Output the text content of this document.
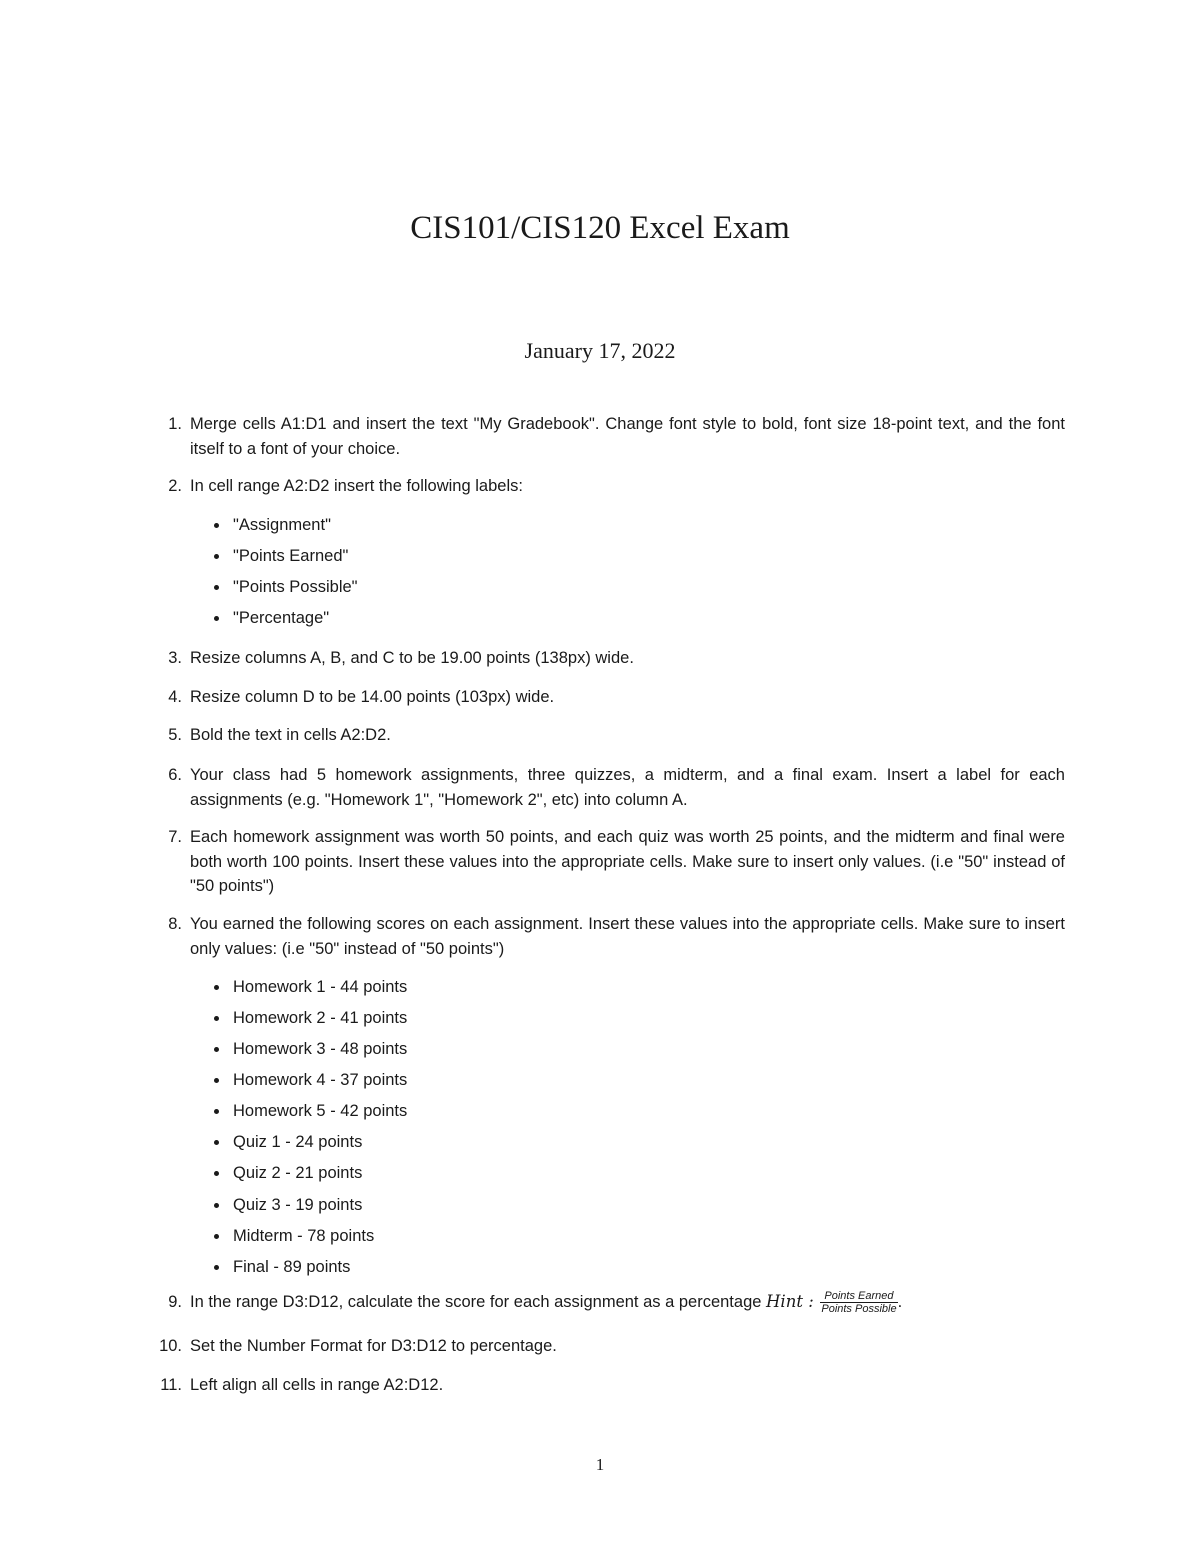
CIS101/CIS120 Excel Exam
January 17, 2022
1. Merge cells A1:D1 and insert the text "My Gradebook". Change font style to bold, font size 18-point text, and the font itself to a font of your choice.
2. In cell range A2:D2 insert the following labels:
"Assignment"
"Points Earned"
"Points Possible"
"Percentage"
3. Resize columns A, B, and C to be 19.00 points (138px) wide.
4. Resize column D to be 14.00 points (103px) wide.
5. Bold the text in cells A2:D2.
6. Your class had 5 homework assignments, three quizzes, a midterm, and a final exam. Insert a label for each assignments (e.g. "Homework 1", "Homework 2", etc) into column A.
7. Each homework assignment was worth 50 points, and each quiz was worth 25 points, and the midterm and final were both worth 100 points. Insert these values into the appropriate cells. Make sure to insert only values. (i.e "50" instead of "50 points")
8. You earned the following scores on each assignment. Insert these values into the appropriate cells. Make sure to insert only values: (i.e "50" instead of "50 points")
Homework 1 - 44 points
Homework 2 - 41 points
Homework 3 - 48 points
Homework 4 - 37 points
Homework 5 - 42 points
Quiz 1 - 24 points
Quiz 2 - 21 points
Quiz 3 - 19 points
Midterm - 78 points
Final - 89 points
9. In the range D3:D12, calculate the score for each assignment as a percentage Hint : $\frac{\text{Points Earned}}{\text{Points Possible}}$ .
10. Set the Number Format for D3:D12 to percentage.
11. Left align all cells in range A2:D12.
1
